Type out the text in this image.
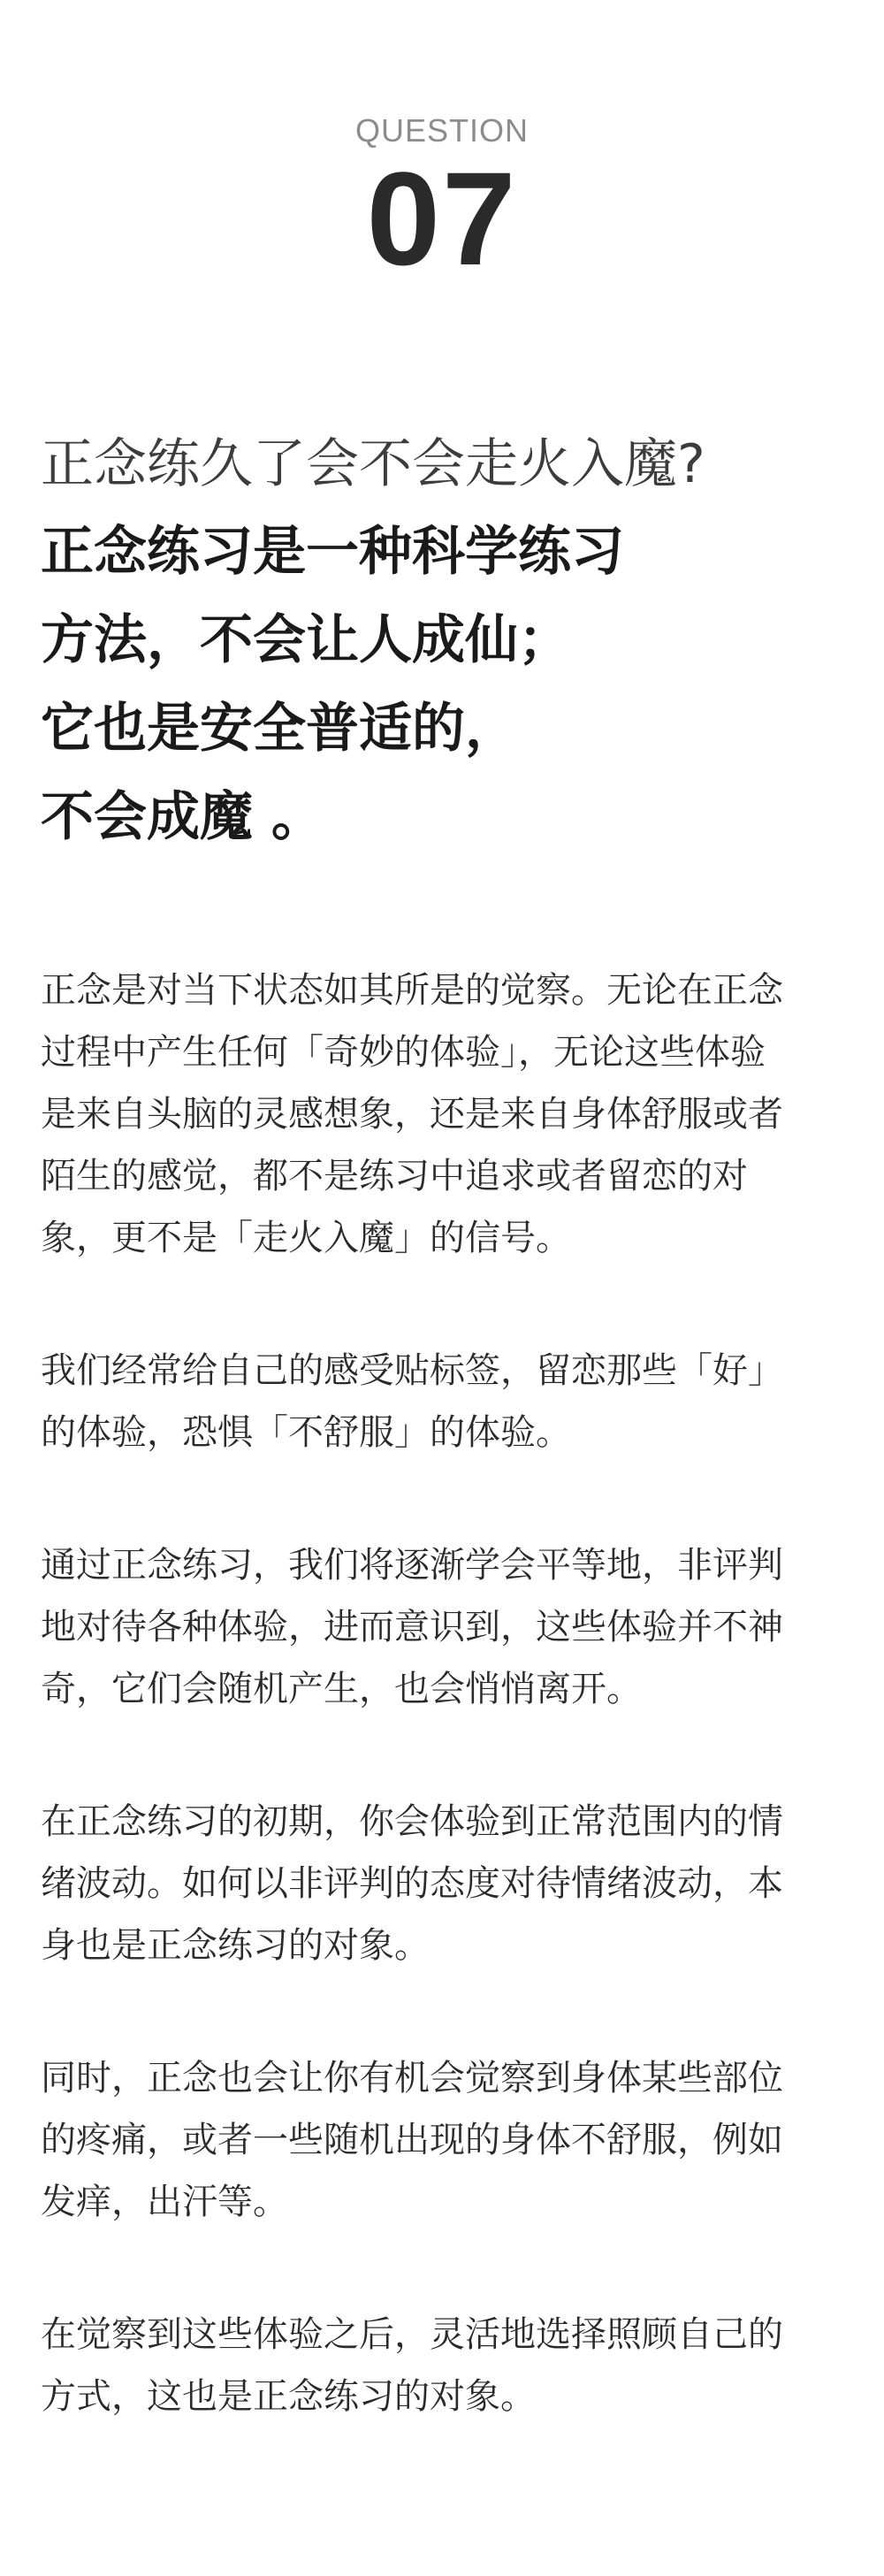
QUESTION
07
正念练久了会不会走火入魔?
正念练习是一种科学练习
方法，不会让人成仙；
它也是安全普适的，
不会成魔 。
正念是对当下状态如其所是的觉察。无论在正念
过程中产生任何「奇妙的体验」，无论这些体验
是来自头脑的灵感想象，还是来自身体舒服或者
陌生的感觉，都不是练习中追求或者留恋的对
象，更不是「走火入魔」的信号。
我们经常给自己的感受贴标签，留恋那些「好」
的体验，恐惧「不舒服」的体验。
通过正念练习，我们将逐渐学会平等地，非评判
地对待各种体验，进而意识到，这些体验并不神
奇，它们会随机产生，也会悄悄离开。
在正念练习的初期，你会体验到正常范围内的情
绪波动。如何以非评判的态度对待情绪波动，本
身也是正念练习的对象。
同时，正念也会让你有机会觉察到身体某些部位
的疼痛，或者一些随机出现的身体不舒服，例如
发痒，出汗等。
在觉察到这些体验之后，灵活地选择照顾自己的
方式，这也是正念练习的对象。
